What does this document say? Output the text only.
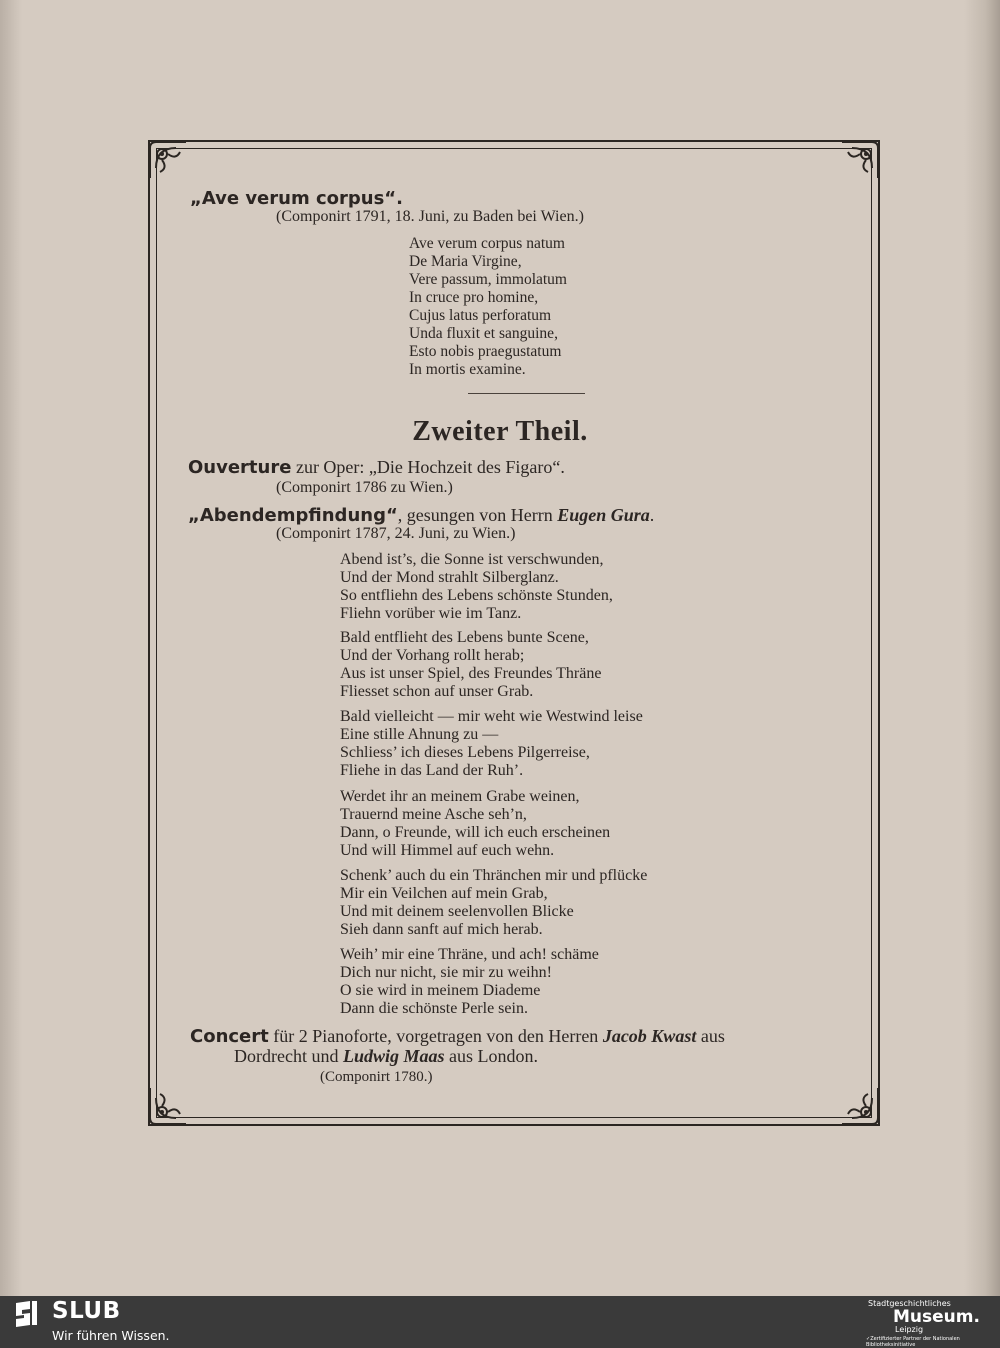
„Ave verum corpus“.
(Componirt 1791, 18. Juni, zu Baden bei Wien.)
Ave verum corpus natum
De Maria Virgine,
Vere passum, immolatum
In cruce pro homine,
Cujus latus perforatum
Unda fluxit et sanguine,
Esto nobis praegustatum
In mortis examine.
Zweiter Theil.
Ouverture zur Oper: „Die Hochzeit des Figaro“.
(Componirt 1786 zu Wien.)
„Abendempfindung“, gesungen von Herrn Eugen Gura.
(Componirt 1787, 24. Juni, zu Wien.)
Abend ist’s, die Sonne ist verschwunden,
Und der Mond strahlt Silberglanz.
So entfliehn des Lebens schönste Stunden,
Fliehn vorüber wie im Tanz.
Bald entflieht des Lebens bunte Scene,
Und der Vorhang rollt herab;
Aus ist unser Spiel, des Freundes Thräne
Fliesset schon auf unser Grab.
Bald vielleicht — mir weht wie Westwind leise
Eine stille Ahnung zu —
Schliess’ ich dieses Lebens Pilgerreise,
Fliehe in das Land der Ruh’.
Werdet ihr an meinem Grabe weinen,
Trauernd meine Asche seh’n,
Dann, o Freunde, will ich euch erscheinen
Und will Himmel auf euch wehn.
Schenk’ auch du ein Thränchen mir und pflücke
Mir ein Veilchen auf mein Grab,
Und mit deinem seelenvollen Blicke
Sieh dann sanft auf mich herab.
Weih’ mir eine Thräne, und ach! schäme
Dich nur nicht, sie mir zu weihn!
O sie wird in meinem Diademe
Dann die schönste Perle sein.
Concert für 2 Pianoforte, vorgetragen von den Herren Jacob Kwast aus
Dordrecht und Ludwig Maas aus London.
(Componirt 1780.)
SLUB
Wir führen Wissen.
Stadtgeschichtliches
Museum.
Leipzig
✓Zertifizierter Partner der Nationalen Bibliotheksinitiative
